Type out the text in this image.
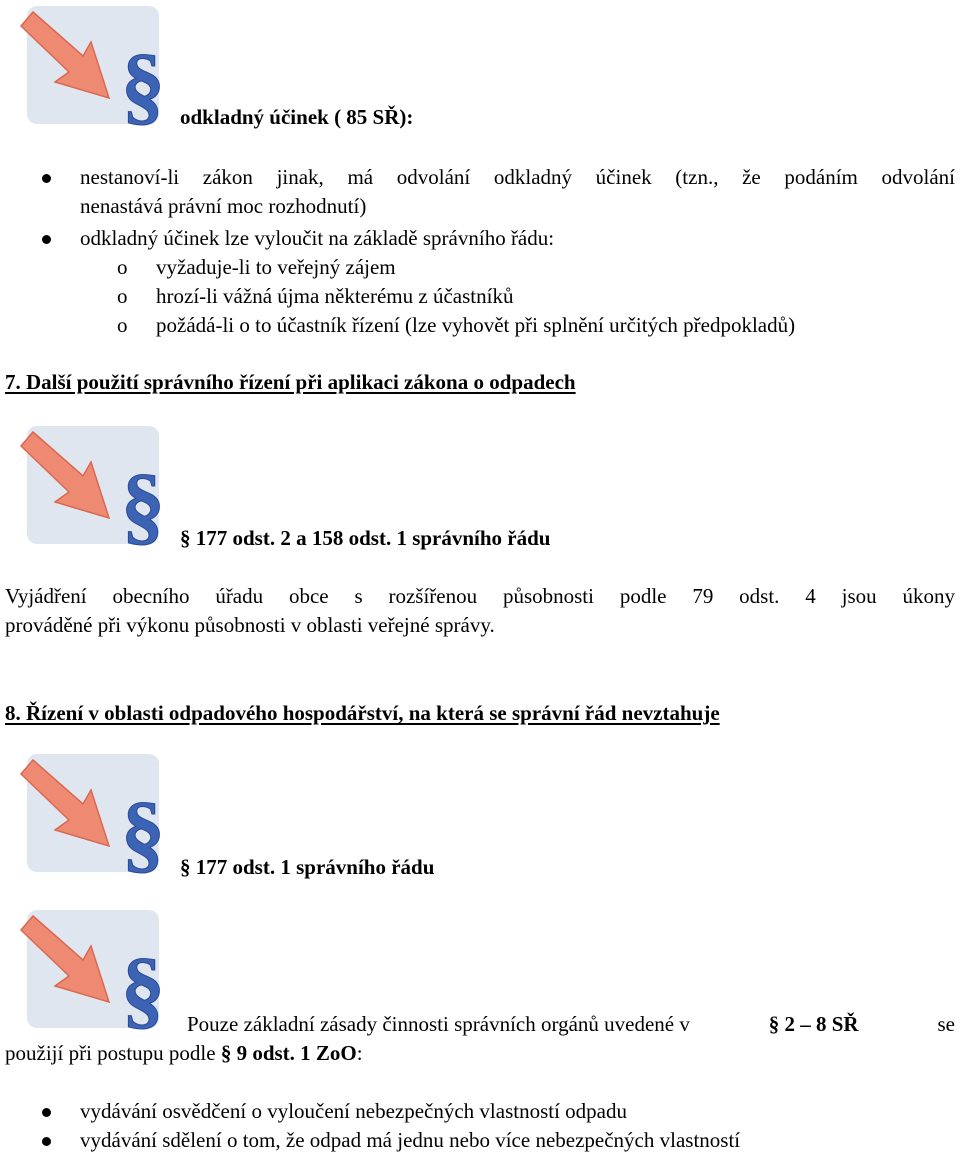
§ odkladný účinek ( 85 SŘ):
nestanoví-li zákon jinak, má odvolání odkladný účinek (tzn., že podáním odvolání
nenastává právní moc rozhodnutí)
odkladný účinek lze vyloučit na základě správního řádu:
o vyžaduje-li to veřejný zájem
o hrozí-li vážná újma některému z účastníků
o požádá-li o to účastník řízení (lze vyhovět při splnění určitých předpokladů)
7. Další použití správního řízení při aplikaci zákona o odpadech
§ § 177 odst. 2 a 158 odst. 1 správního řádu
Vyjádření obecního úřadu obce s rozšířenou působnosti podle 79 odst. 4 jsou úkony
prováděné při výkonu působnosti v oblasti veřejné správy.
8. Řízení v oblasti odpadového hospodářství, na která se správní řád nevztahuje
§ § 177 odst. 1 správního řádu
§ Pouze základní zásady činnosti správních orgánů uvedené v	§ 2 – 8 SŘ	se
použijí při postupu podle § 9 odst. 1 ZoO:
vydávání osvědčení o vyloučení nebezpečných vlastností odpadu
vydávání sdělení o tom, že odpad má jednu nebo více nebezpečných vlastností
